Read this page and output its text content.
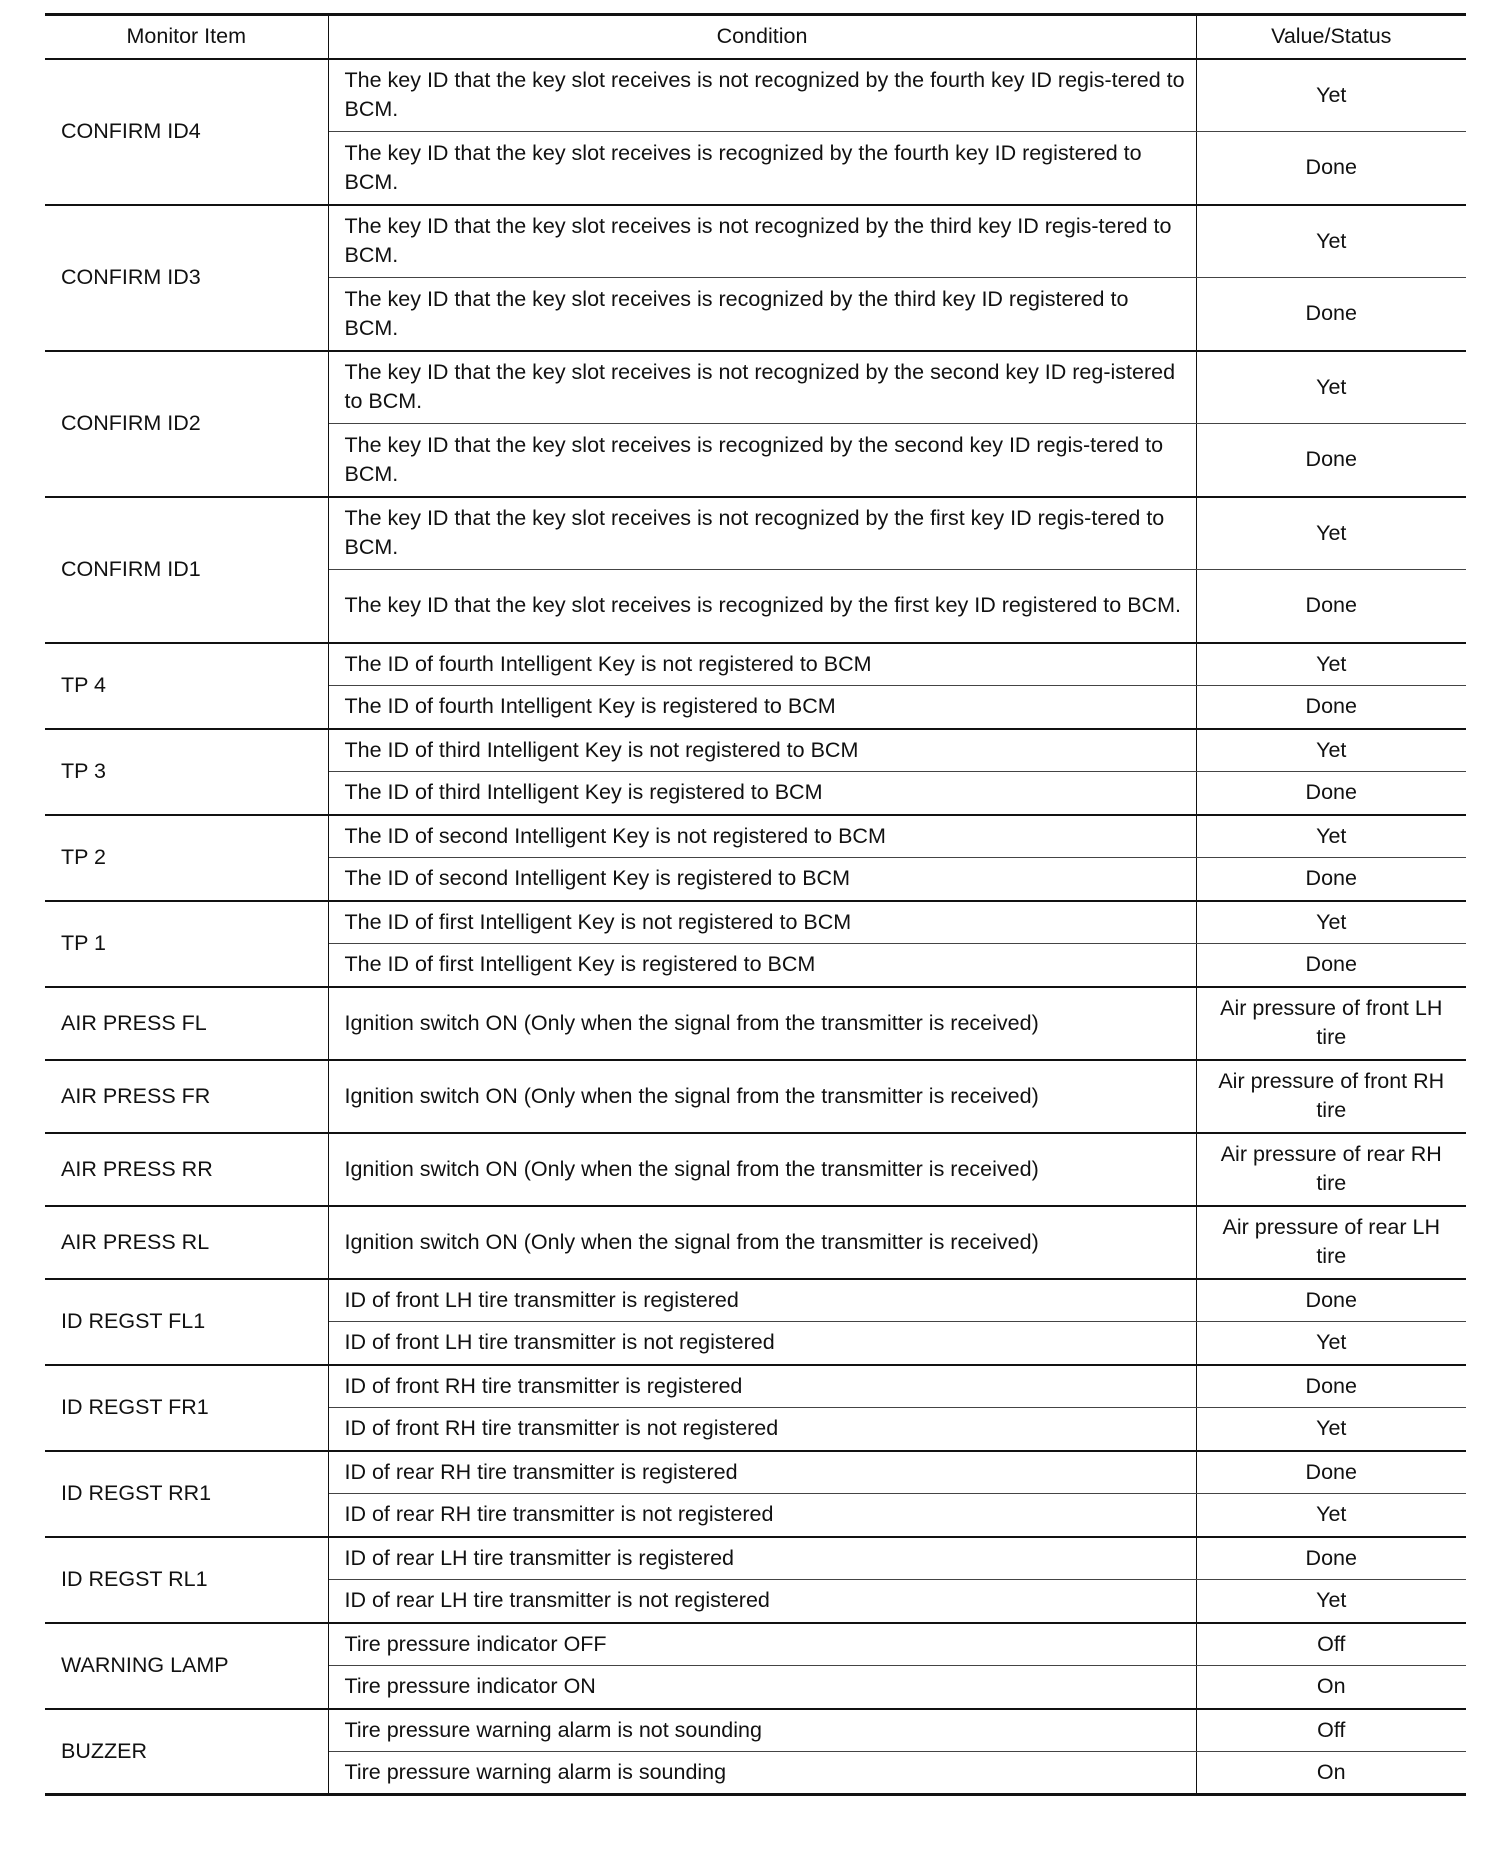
Monitor Item	Condition	Value/Status
CONFIRM ID4	The key ID that the key slot receives is not recognized by the fourth key ID regis-tered to BCM.	Yet
	The key ID that the key slot receives is recognized by the fourth key ID registered to BCM.	Done
CONFIRM ID3	The key ID that the key slot receives is not recognized by the third key ID regis-tered to BCM.	Yet
	The key ID that the key slot receives is recognized by the third key ID registered to BCM.	Done
CONFIRM ID2	The key ID that the key slot receives is not recognized by the second key ID reg-istered to BCM.	Yet
	The key ID that the key slot receives is recognized by the second key ID regis-tered to BCM.	Done
CONFIRM ID1	The key ID that the key slot receives is not recognized by the first key ID regis-tered to BCM.	Yet
	The key ID that the key slot receives is recognized by the first key ID registered to BCM.	Done
TP 4	The ID of fourth Intelligent Key is not registered to BCM	Yet
	The ID of fourth Intelligent Key is registered to BCM	Done
TP 3	The ID of third Intelligent Key is not registered to BCM	Yet
	The ID of third Intelligent Key is registered to BCM	Done
TP 2	The ID of second Intelligent Key is not registered to BCM	Yet
	The ID of second Intelligent Key is registered to BCM	Done
TP 1	The ID of first Intelligent Key is not registered to BCM	Yet
	The ID of first Intelligent Key is registered to BCM	Done
AIR PRESS FL	Ignition switch ON (Only when the signal from the transmitter is received)	Air pressure of front LH tire
AIR PRESS FR	Ignition switch ON (Only when the signal from the transmitter is received)	Air pressure of front RH tire
AIR PRESS RR	Ignition switch ON (Only when the signal from the transmitter is received)	Air pressure of rear RH tire
AIR PRESS RL	Ignition switch ON (Only when the signal from the transmitter is received)	Air pressure of rear LH tire
ID REGST FL1	ID of front LH tire transmitter is registered	Done
	ID of front LH tire transmitter is not registered	Yet
ID REGST FR1	ID of front RH tire transmitter is registered	Done
	ID of front RH tire transmitter is not registered	Yet
ID REGST RR1	ID of rear RH tire transmitter is registered	Done
	ID of rear RH tire transmitter is not registered	Yet
ID REGST RL1	ID of rear LH tire transmitter is registered	Done
	ID of rear LH tire transmitter is not registered	Yet
WARNING LAMP	Tire pressure indicator OFF	Off
	Tire pressure indicator ON	On
BUZZER	Tire pressure warning alarm is not sounding	Off
	Tire pressure warning alarm is sounding	On
